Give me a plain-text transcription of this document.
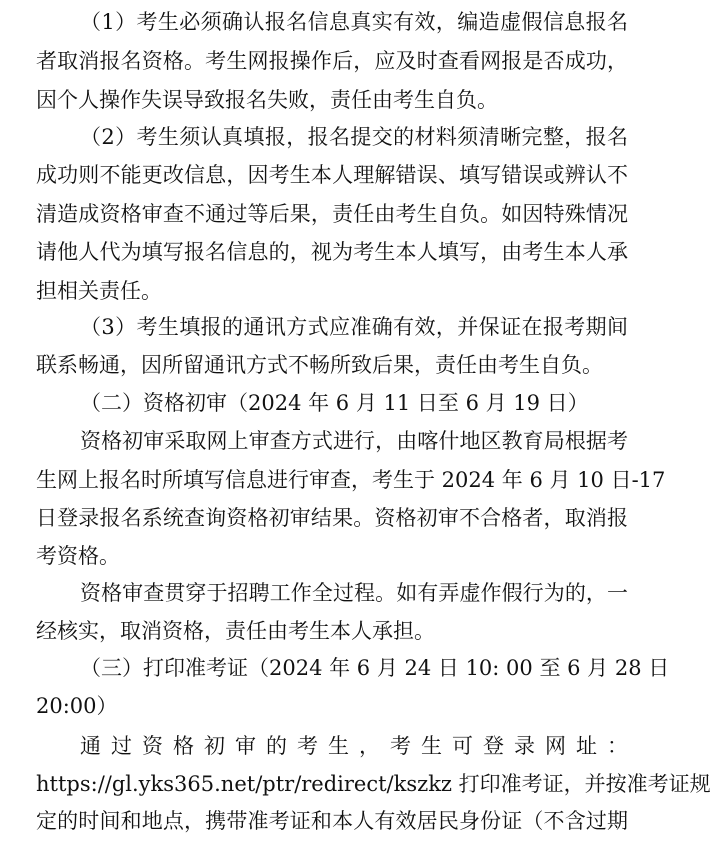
（1）考生必须确认报名信息真实有效，编造虚假信息报名
者取消报名资格。考生网报操作后，应及时查看网报是否成功，
因个人操作失误导致报名失败，责任由考生自负。
（2）考生须认真填报，报名提交的材料须清晰完整，报名
成功则不能更改信息，因考生本人理解错误、填写错误或辨认不
清造成资格审查不通过等后果，责任由考生自负。如因特殊情况
请他人代为填写报名信息的，视为考生本人填写，由考生本人承
担相关责任。
（3）考生填报的通讯方式应准确有效，并保证在报考期间
联系畅通，因所留通讯方式不畅所致后果，责任由考生自负。
（二）资格初审（2024 年 6 月 11 日至 6 月 19 日）
资格初审采取网上审查方式进行，由喀什地区教育局根据考
生网上报名时所填写信息进行审查，考生于 2024 年 6 月 10 日-17
日登录报名系统查询资格初审结果。资格初审不合格者，取消报
考资格。
资格审查贯穿于招聘工作全过程。如有弄虚作假行为的，一
经核实，取消资格，责任由考生本人承担。
（三）打印准考证（2024 年 6 月 24 日 10: 00 至 6 月 28 日
20:00）
通过资格初审的考生，考生可登录网址：
https://gl.yks365.net/ptr/redirect/kszkz 打印准考证，并按准考证规
定的时间和地点，携带准考证和本人有效居民身份证（不含过期
